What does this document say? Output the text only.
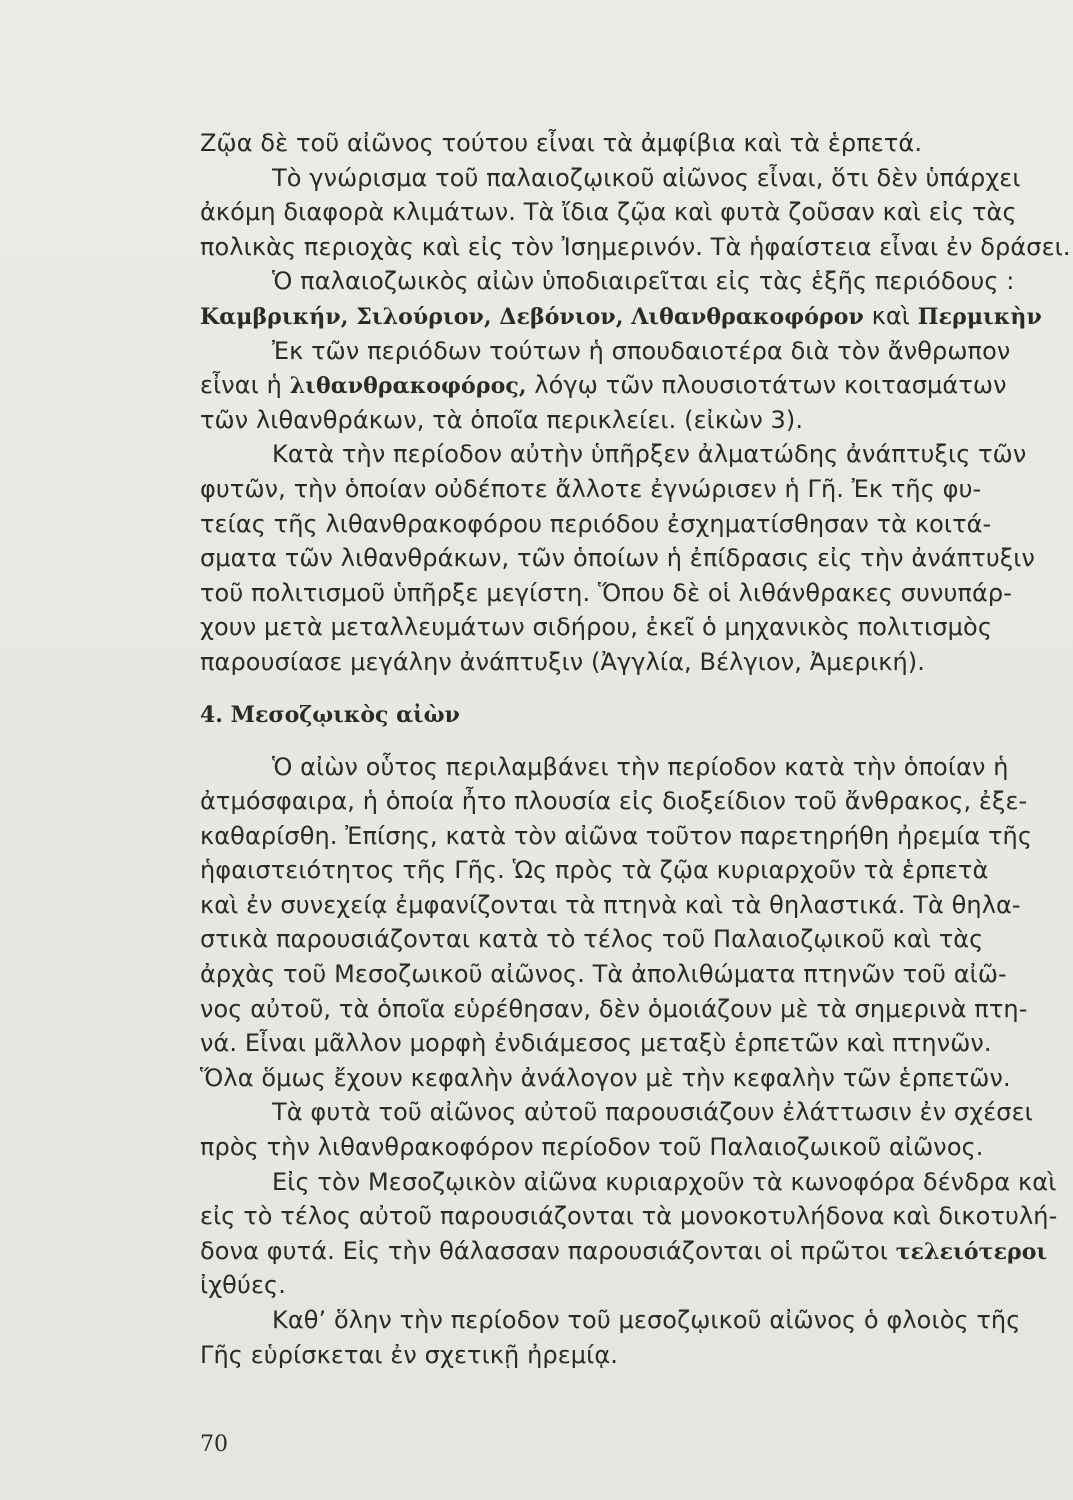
Ζῷα δὲ τοῦ αἰῶνος τούτου εἶναι τὰ ἀμφίβια καὶ τὰ ἑρπετά.
Τὸ γνώρισμα τοῦ παλαιοζῳικοῦ αἰῶνος εἶναι, ὅτι δὲν ὑπάρχει
ἀκόμη διαφορὰ κλιμάτων. Τὰ ἴδια ζῷα καὶ φυτὰ ζοῦσαν καὶ εἰς τὰς
πολικὰς περιοχὰς καὶ εἰς τὸν Ἰσημερινόν. Τὰ ἡφαίστεια εἶναι ἐν δράσει.
Ὁ παλαιοζωικὸς αἰὼν ὑποδιαιρεῖται εἰς τὰς ἑξῆς περιόδους :
Καμβρικήν, Σιλούριον, Δεβόνιον, Λιθανθρακοφόρον καὶ Περμικὴν
Ἐκ τῶν περιόδων τούτων ἡ σπουδαιοτέρα διὰ τὸν ἄνθρωπον
εἶναι ἡ λιθανθρακοφόρος, λόγῳ τῶν πλουσιοτάτων κοιτασμάτων
τῶν λιθανθράκων, τὰ ὁποῖα περικλείει. (εἰκὼν 3).
Κατὰ τὴν περίοδον αὐτὴν ὑπῆρξεν ἀλματώδης ἀνάπτυξις τῶν
φυτῶν, τὴν ὁποίαν οὐδέποτε ἄλλοτε ἐγνώρισεν ἡ Γῆ. Ἐκ τῆς φυ-
τείας τῆς λιθανθρακοφόρου περιόδου ἐσχηματίσθησαν τὰ κοιτά-
σματα τῶν λιθανθράκων, τῶν ὁποίων ἡ ἐπίδρασις εἰς τὴν ἀνάπτυξιν
τοῦ πολιτισμοῦ ὑπῆρξε μεγίστη. Ὅπου δὲ οἱ λιθάνθρακες συνυπάρ-
χουν μετὰ μεταλλευμάτων σιδήρου, ἐκεῖ ὁ μηχανικὸς πολιτισμὸς
παρουσίασε μεγάλην ἀνάπτυξιν (Ἀγγλία, Βέλγιον, Ἀμερική).
4. Μεσοζῳικὸς αἰὼν
Ὁ αἰὼν οὗτος περιλαμβάνει τὴν περίοδον κατὰ τὴν ὁποίαν ἡ
ἀτμόσφαιρα, ἡ ὁποία ἦτο πλουσία εἰς διοξείδιον τοῦ ἄνθρακος, ἐξε-
καθαρίσθη. Ἐπίσης, κατὰ τὸν αἰῶνα τοῦτον παρετηρήθη ἠρεμία τῆς
ἡφαιστειότητος τῆς Γῆς. Ὡς πρὸς τὰ ζῷα κυριαρχοῦν τὰ ἑρπετὰ
καὶ ἐν συνεχείᾳ ἐμφανίζονται τὰ πτηνὰ καὶ τὰ θηλαστικά. Τὰ θηλα-
στικὰ παρουσιάζονται κατὰ τὸ τέλος τοῦ Παλαιοζῳικοῦ καὶ τὰς
ἀρχὰς τοῦ Μεσοζωικοῦ αἰῶνος. Τὰ ἀπολιθώματα πτηνῶν τοῦ αἰῶ-
νος αὐτοῦ, τὰ ὁποῖα εὑρέθησαν, δὲν ὁμοιάζουν μὲ τὰ σημερινὰ πτη-
νά. Εἶναι μᾶλλον μορφὴ ἐνδιάμεσος μεταξὺ ἑρπετῶν καὶ πτηνῶν.
Ὅλα ὅμως ἔχουν κεφαλὴν ἀνάλογον μὲ τὴν κεφαλὴν τῶν ἑρπετῶν.
Τὰ φυτὰ τοῦ αἰῶνος αὐτοῦ παρουσιάζουν ἐλάττωσιν ἐν σχέσει
πρὸς τὴν λιθανθρακοφόρον περίοδον τοῦ Παλαιοζωικοῦ αἰῶνος.
Εἰς τὸν Μεσοζῳικὸν αἰῶνα κυριαρχοῦν τὰ κωνοφόρα δένδρα καὶ
εἰς τὸ τέλος αὐτοῦ παρουσιάζονται τὰ μονοκοτυλήδονα καὶ δικοτυλή-
δονα φυτά. Εἰς τὴν θάλασσαν παρουσιάζονται οἱ πρῶτοι τελειότεροι
ἰχθύες.
Καθ’ ὅλην τὴν περίοδον τοῦ μεσοζῳικοῦ αἰῶνος ὁ φλοιὸς τῆς
Γῆς εὑρίσκεται ἐν σχετικῇ ἠρεμίᾳ.
70
